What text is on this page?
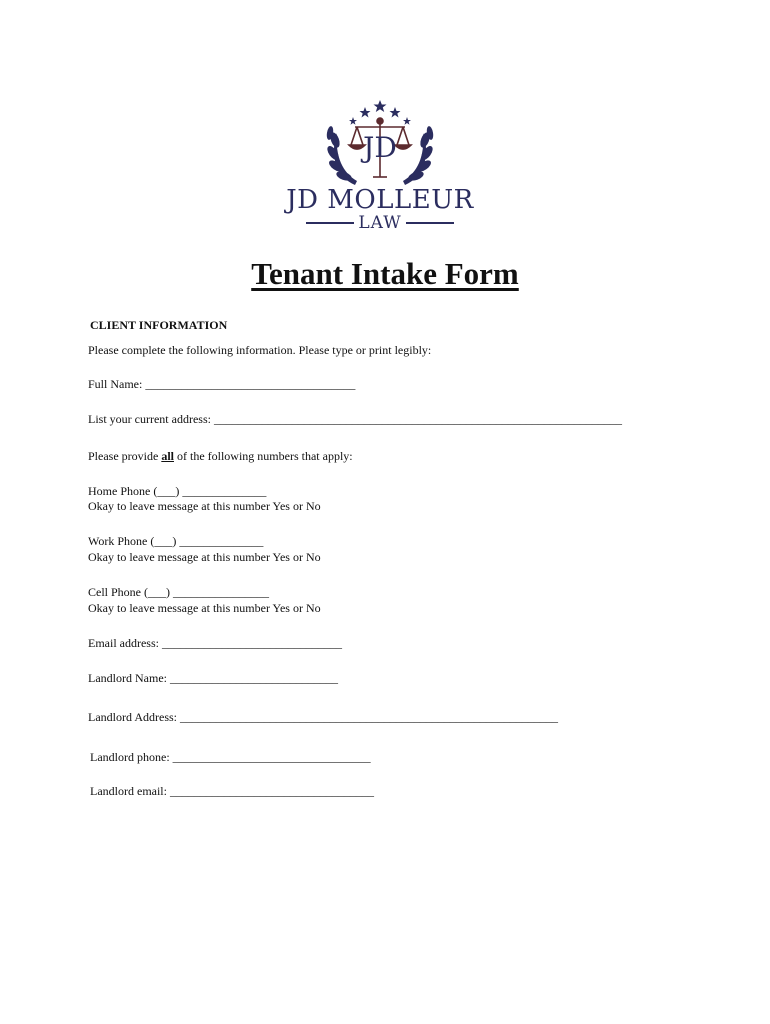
JD
JD MOLLEUR
LAW
Tenant Intake Form
CLIENT INFORMATION
Please complete the following information. Please type or print legibly:
Full Name: ___________________________________
List your current address: ____________________________________________________________________
Please provide all of the following numbers that apply:
Home Phone (___) ______________
Okay to leave message at this number Yes or No
Work Phone (___) ______________
Okay to leave message at this number Yes or No
Cell Phone (___) ________________
Okay to leave message at this number Yes or No
Email address: ______________________________
Landlord Name: ____________________________
Landlord Address: _______________________________________________________________
Landlord phone: _________________________________
Landlord email: __________________________________
